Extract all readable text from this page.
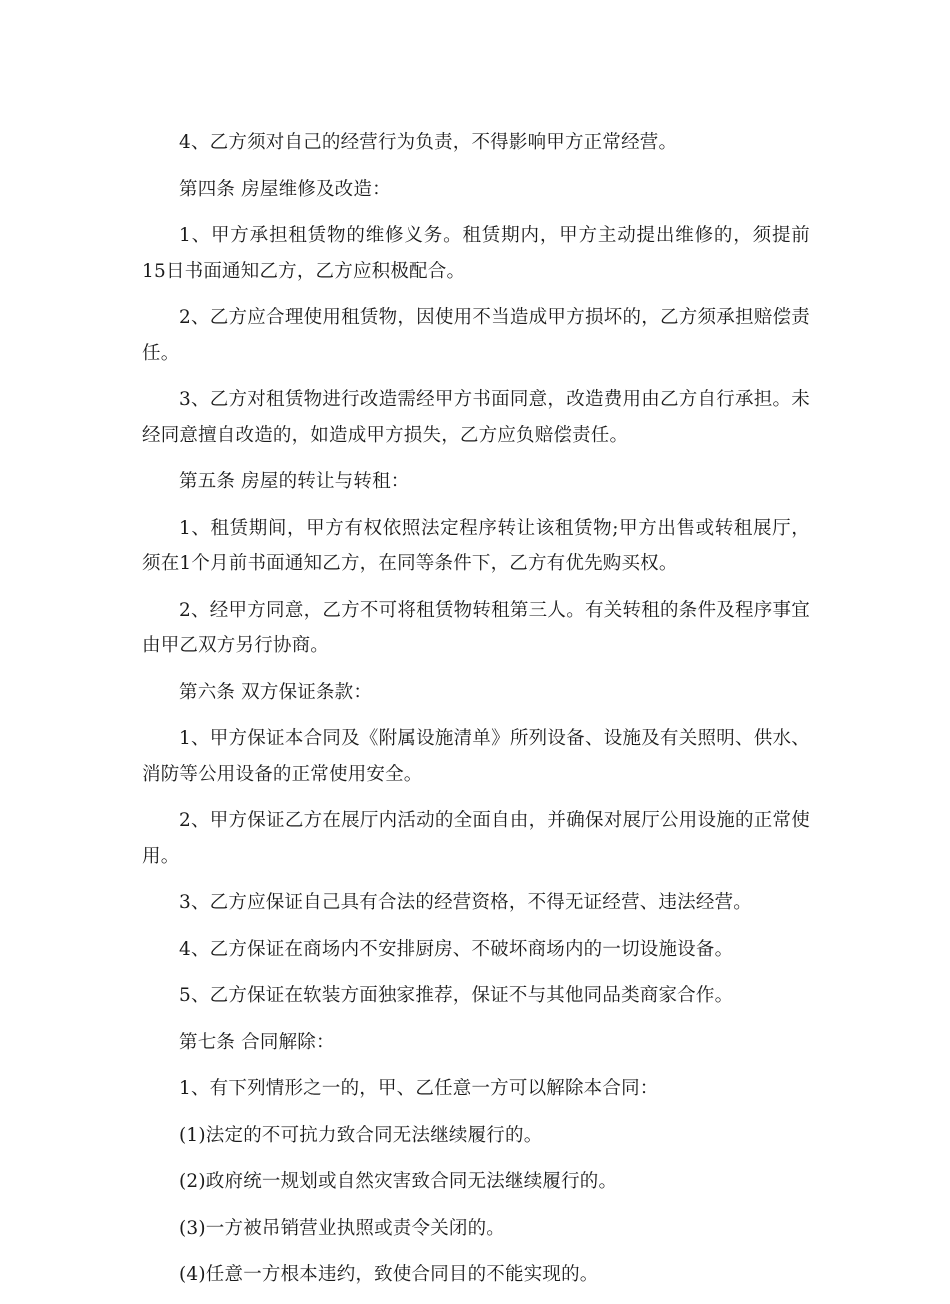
4、乙方须对自己的经营行为负责，不得影响甲方正常经营。

第四条 房屋维修及改造：

1、甲方承担租赁物的维修义务。租赁期内，甲方主动提出维修的，须提前15日书面通知乙方，乙方应积极配合。

2、乙方应合理使用租赁物，因使用不当造成甲方损坏的，乙方须承担赔偿责任。

3、乙方对租赁物进行改造需经甲方书面同意，改造费用由乙方自行承担。未经同意擅自改造的，如造成甲方损失，乙方应负赔偿责任。

第五条 房屋的转让与转租：

1、租赁期间，甲方有权依照法定程序转让该租赁物;甲方出售或转租展厅，须在1个月前书面通知乙方，在同等条件下，乙方有优先购买权。

2、经甲方同意，乙方不可将租赁物转租第三人。有关转租的条件及程序事宜由甲乙双方另行协商。

第六条 双方保证条款：

1、甲方保证本合同及《附属设施清单》所列设备、设施及有关照明、供水、消防等公用设备的正常使用安全。

2、甲方保证乙方在展厅内活动的全面自由，并确保对展厅公用设施的正常使用。

3、乙方应保证自己具有合法的经营资格，不得无证经营、违法经营。

4、乙方保证在商场内不安排厨房、不破坏商场内的一切设施设备。

5、乙方保证在软装方面独家推荐，保证不与其他同品类商家合作。

第七条 合同解除：

1、有下列情形之一的，甲、乙任意一方可以解除本合同：

(1)法定的不可抗力致合同无法继续履行的。

(2)政府统一规划或自然灾害致合同无法继续履行的。

(3)一方被吊销营业执照或责令关闭的。

(4)任意一方根本违约，致使合同目的不能实现的。
